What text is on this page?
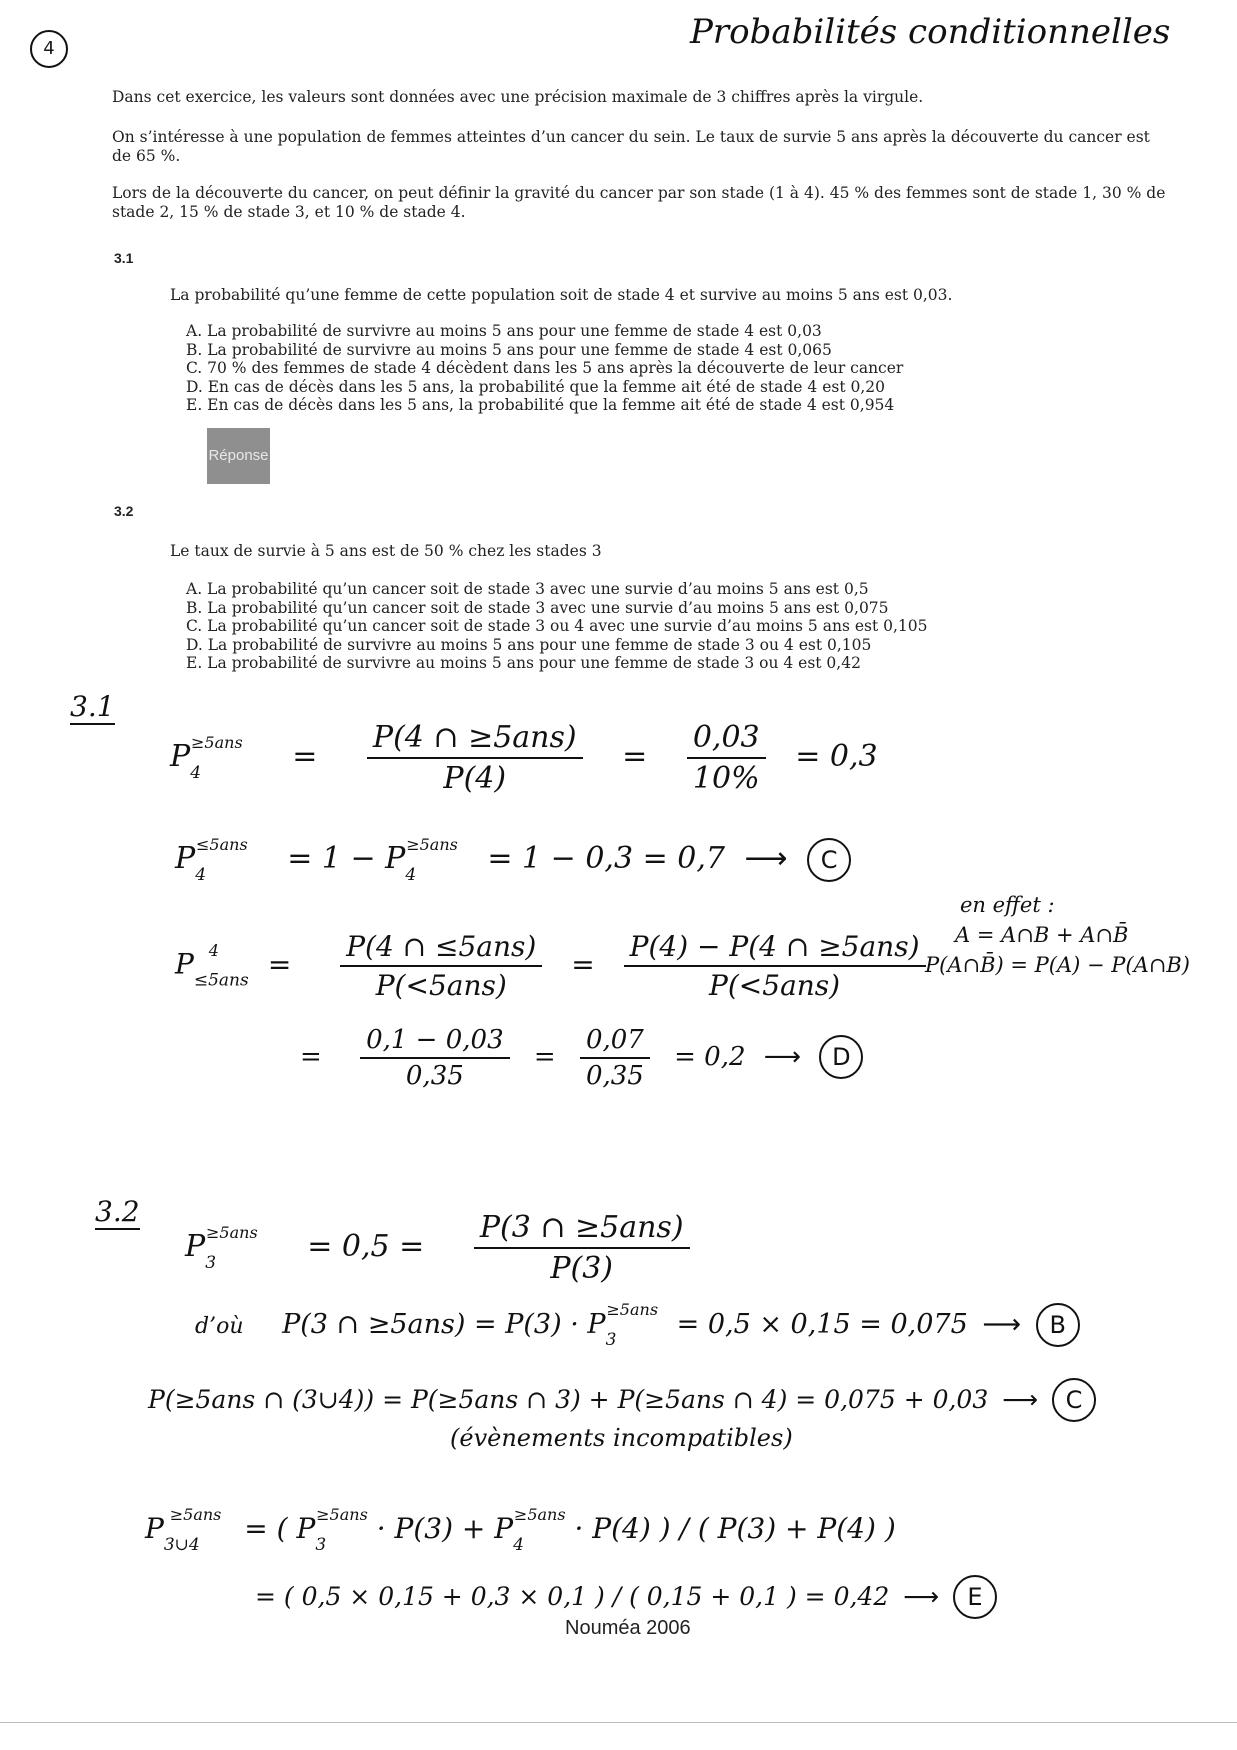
4	Probabilités conditionnelles
Dans cet exercice, les valeurs sont données avec une précision maximale de 3 chiffres après la virgule.
On s’intéresse à une population de femmes atteintes d’un cancer du sein. Le taux de survie 5 ans après la découverte du cancer est de 65 %.
Lors de la découverte du cancer, on peut définir la gravité du cancer par son stade (1 à 4). 45 % des femmes sont de stade 1, 30 % de stade 2, 15 % de stade 3, et 10 % de stade 4.
3.1
La probabilité qu’une femme de cette population soit de stade 4 et survive au moins 5 ans est 0,03.
A. La probabilité de survivre au moins 5 ans pour une femme de stade 4 est 0,03
B. La probabilité de survivre au moins 5 ans pour une femme de stade 4 est 0,065
C. 70 % des femmes de stade 4 décèdent dans les 5 ans après la découverte de leur cancer
D. En cas de décès dans les 5 ans, la probabilité que la femme ait été de stade 4 est 0,20
E. En cas de décès dans les 5 ans, la probabilité que la femme ait été de stade 4 est 0,954
Réponse
3.2
Le taux de survie à 5 ans est de 50 % chez les stades 3
A. La probabilité qu’un cancer soit de stade 3 avec une survie d’au moins 5 ans est 0,5
B. La probabilité qu’un cancer soit de stade 3 avec une survie d’au moins 5 ans est 0,075
C. La probabilité qu’un cancer soit de stade 3 ou 4 avec une survie d’au moins 5 ans est 0,105
D. La probabilité de survivre au moins 5 ans pour une femme de stade 3 ou 4 est 0,105
E. La probabilité de survivre au moins 5 ans pour une femme de stade 3 ou 4 est 0,42
3.1
$P_4^{\ge 5ans} = \frac{\text{P(4 ∩ ≥5ans)}}{P(4)} = \frac{0,03}{10\%} = 0,3$
$P_4^{\le 5ans} = 1 - P_4^{\ge 5ans} = 1 - 0,3 = 0,7$ ⟶ C
$P_{\le 5ans}^4 = \frac{\text{P(4 ∩ ≤5ans)}}{\text{P(<5ans)}} = \frac{\text{P(4) − P(4 ∩ ≥5ans)}}{\text{P(<5ans)}}$
en effet :
A = A∩B + A∩B̄
P(A∩B̄) = P(A) − P(A∩B)
= $\frac{0,1 - 0,03}{0,35} = \frac{0,07}{0,35} = 0,2$ ⟶ D
3.2
$P_3^{\ge 5ans} = 0,5 = \frac{\text{P(3 ∩ ≥5ans)}}{P(3)}$
d’où P(3 ∩ $\ge 5ans) = P(3) \cdot P_3^{\ge 5ans} = 0,5 \times 0,15 = 0,075$ ⟶ B
P(≥5ans ∩ (3∪4)) = P(≥5ans ∩ 3) + P(≥5ans ∩ 4) = 0,075 + 0,03 ⟶ C
(évènements incompatibles)
$P_{3\cup 4}^{\ge 5ans}$ = ( $P_3^{\ge 5ans} \cdot P(3) + P_4^{\ge 5ans} \cdot P(4)$ ) / ( P(3) + P(4) )
= ( 0,5 × 0,15 + 0,3 × 0,1 ) / ( 0,15 + 0,1 ) = 0,42 ⟶ E
Nouméa 2006
